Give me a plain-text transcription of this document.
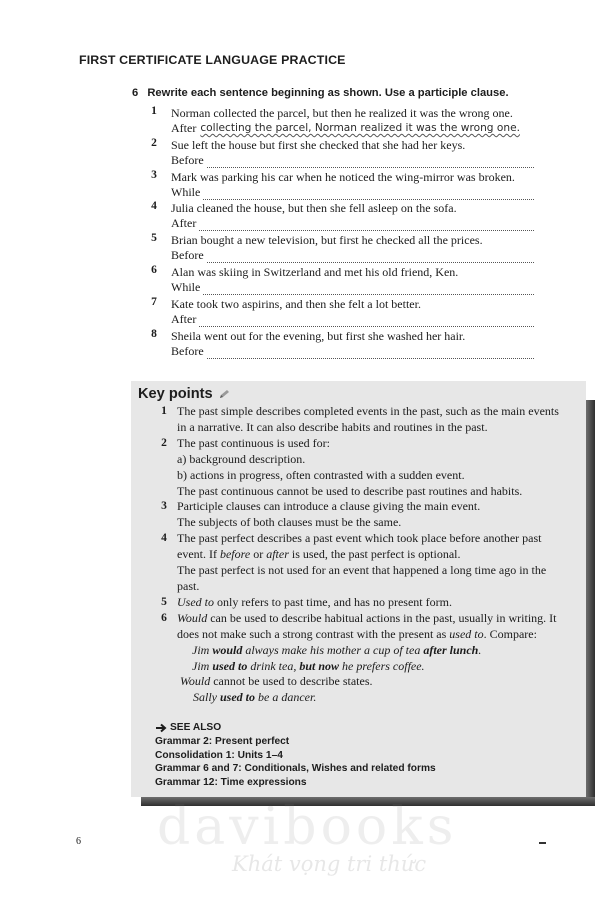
FIRST CERTIFICATE LANGUAGE PRACTICE
6 Rewrite each sentence beginning as shown. Use a participle clause.
1 Norman collected the parcel, but then he realized it was the wrong one.
After collecting the parcel, Norman realized it was the wrong one.
2 Sue left the house but first she checked that she had her keys.
Before
3 Mark was parking his car when he noticed the wing-mirror was broken.
While
4 Julia cleaned the house, but then she fell asleep on the sofa.
After
5 Brian bought a new television, but first he checked all the prices.
Before
6 Alan was skiing in Switzerland and met his old friend, Ken.
While
7 Kate took two aspirins, and then she felt a lot better.
After
8 Sheila went out for the evening, but first she washed her hair.
Before
Key points
1 The past simple describes completed events in the past, such as the main events
in a narrative. It can also describe habits and routines in the past.
2 The past continuous is used for:
a) background description.
b) actions in progress, often contrasted with a sudden event.
The past continuous cannot be used to describe past routines and habits.
3 Participle clauses can introduce a clause giving the main event.
The subjects of both clauses must be the same.
4 The past perfect describes a past event which took place before another past
event. If before or after is used, the past perfect is optional.
The past perfect is not used for an event that happened a long time ago in the
past.
5 Used to only refers to past time, and has no present form.
6 Would can be used to describe habitual actions in the past, usually in writing. It
does not make such a strong contrast with the present as used to. Compare:
Jim would always make his mother a cup of tea after lunch.
Jim used to drink tea, but now he prefers coffee.
Would cannot be used to describe states.
Sally used to be a dancer.
SEE ALSO
Grammar 2: Present perfect
Consolidation 1: Units 1–4
Grammar 6 and 7: Conditionals, Wishes and related forms
Grammar 12: Time expressions
davibooks
Khát vọng tri thức
6
